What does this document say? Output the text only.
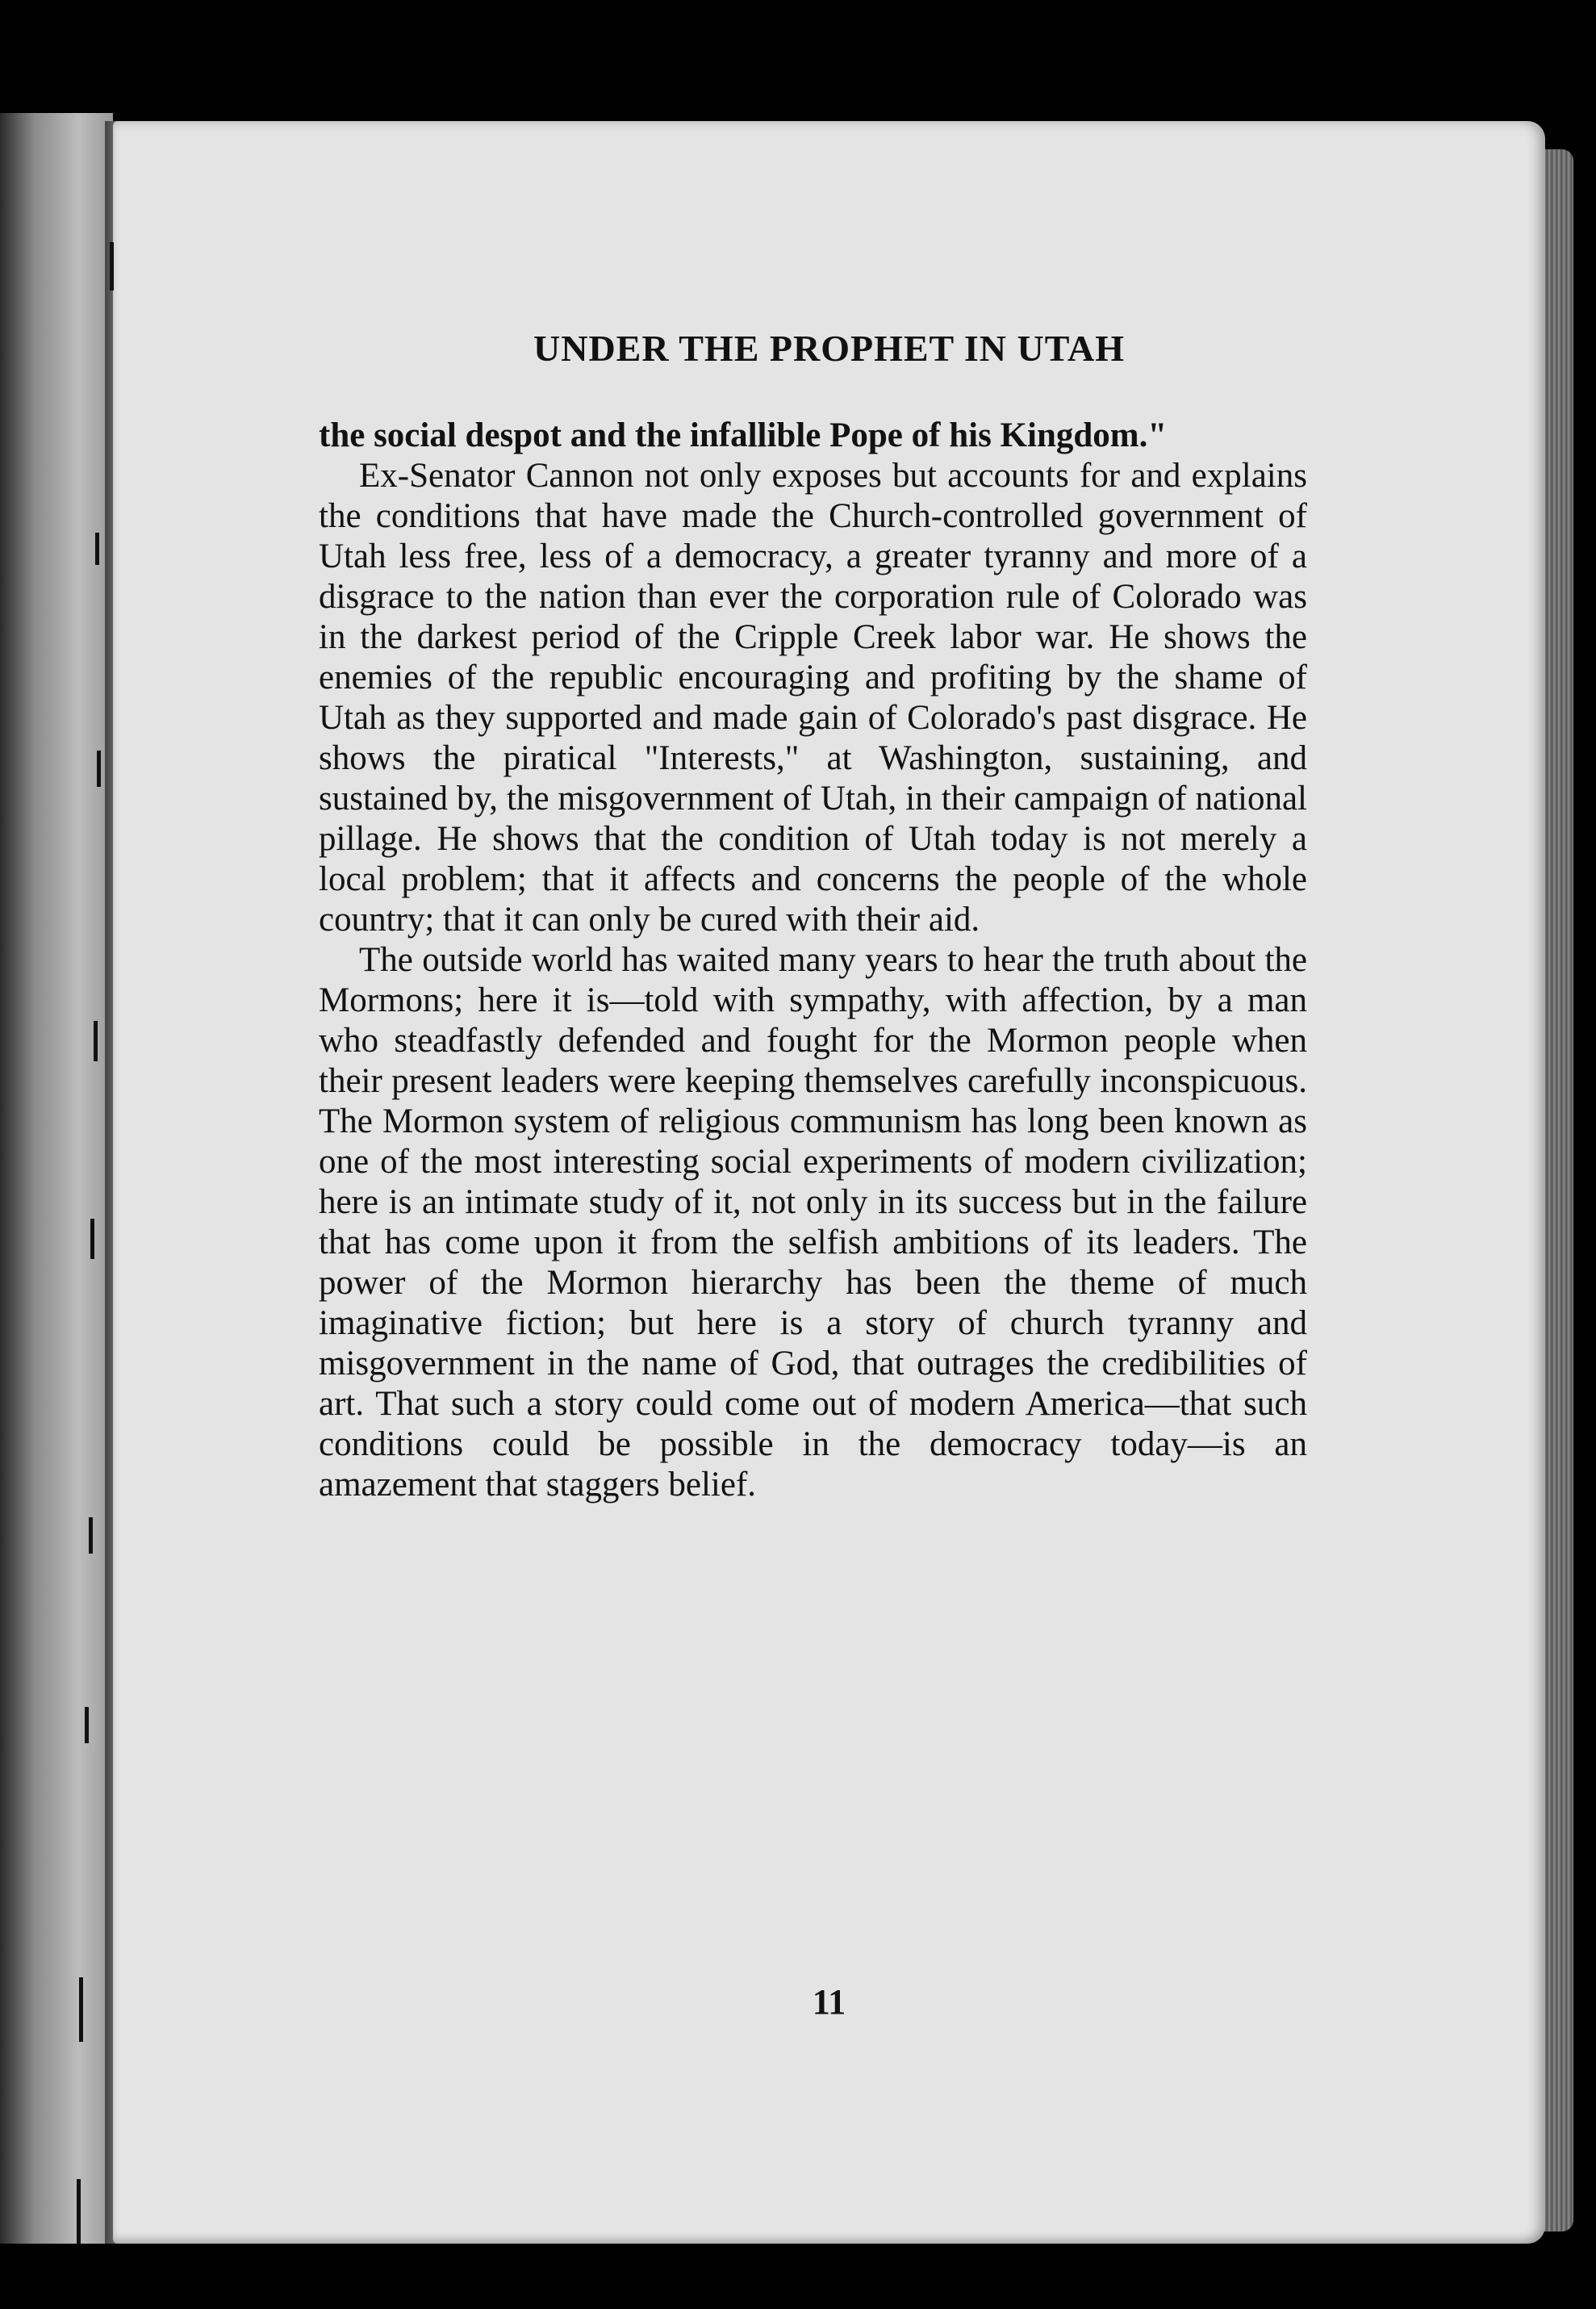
UNDER THE PROPHET IN UTAH

the social despot and the infallible Pope of his Kingdom."

Ex-Senator Cannon not only exposes but accounts for and explains the conditions that have made the Church-controlled government of Utah less free, less of a democracy, a greater tyranny and more of a disgrace to the nation than ever the corporation rule of Colorado was in the darkest period of the Cripple Creek labor war. He shows the enemies of the republic encouraging and profiting by the shame of Utah as they supported and made gain of Colorado's past disgrace. He shows the piratical "Interests," at Washington, sustaining, and sustained by, the misgovernment of Utah, in their campaign of national pillage. He shows that the condition of Utah today is not merely a local problem; that it affects and concerns the people of the whole country; that it can only be cured with their aid.

The outside world has waited many years to hear the truth about the Mormons; here it is—told with sympathy, with affection, by a man who steadfastly defended and fought for the Mormon people when their present leaders were keeping themselves carefully inconspicuous. The Mormon system of religious communism has long been known as one of the most interesting social experiments of modern civilization; here is an intimate study of it, not only in its success but in the failure that has come upon it from the selfish ambitions of its leaders. The power of the Mormon hierarchy has been the theme of much imaginative fiction; but here is a story of church tyranny and misgovernment in the name of God, that outrages the credibilities of art. That such a story could come out of modern America—that such conditions could be possible in the democracy today—is an amazement that staggers belief.

11
